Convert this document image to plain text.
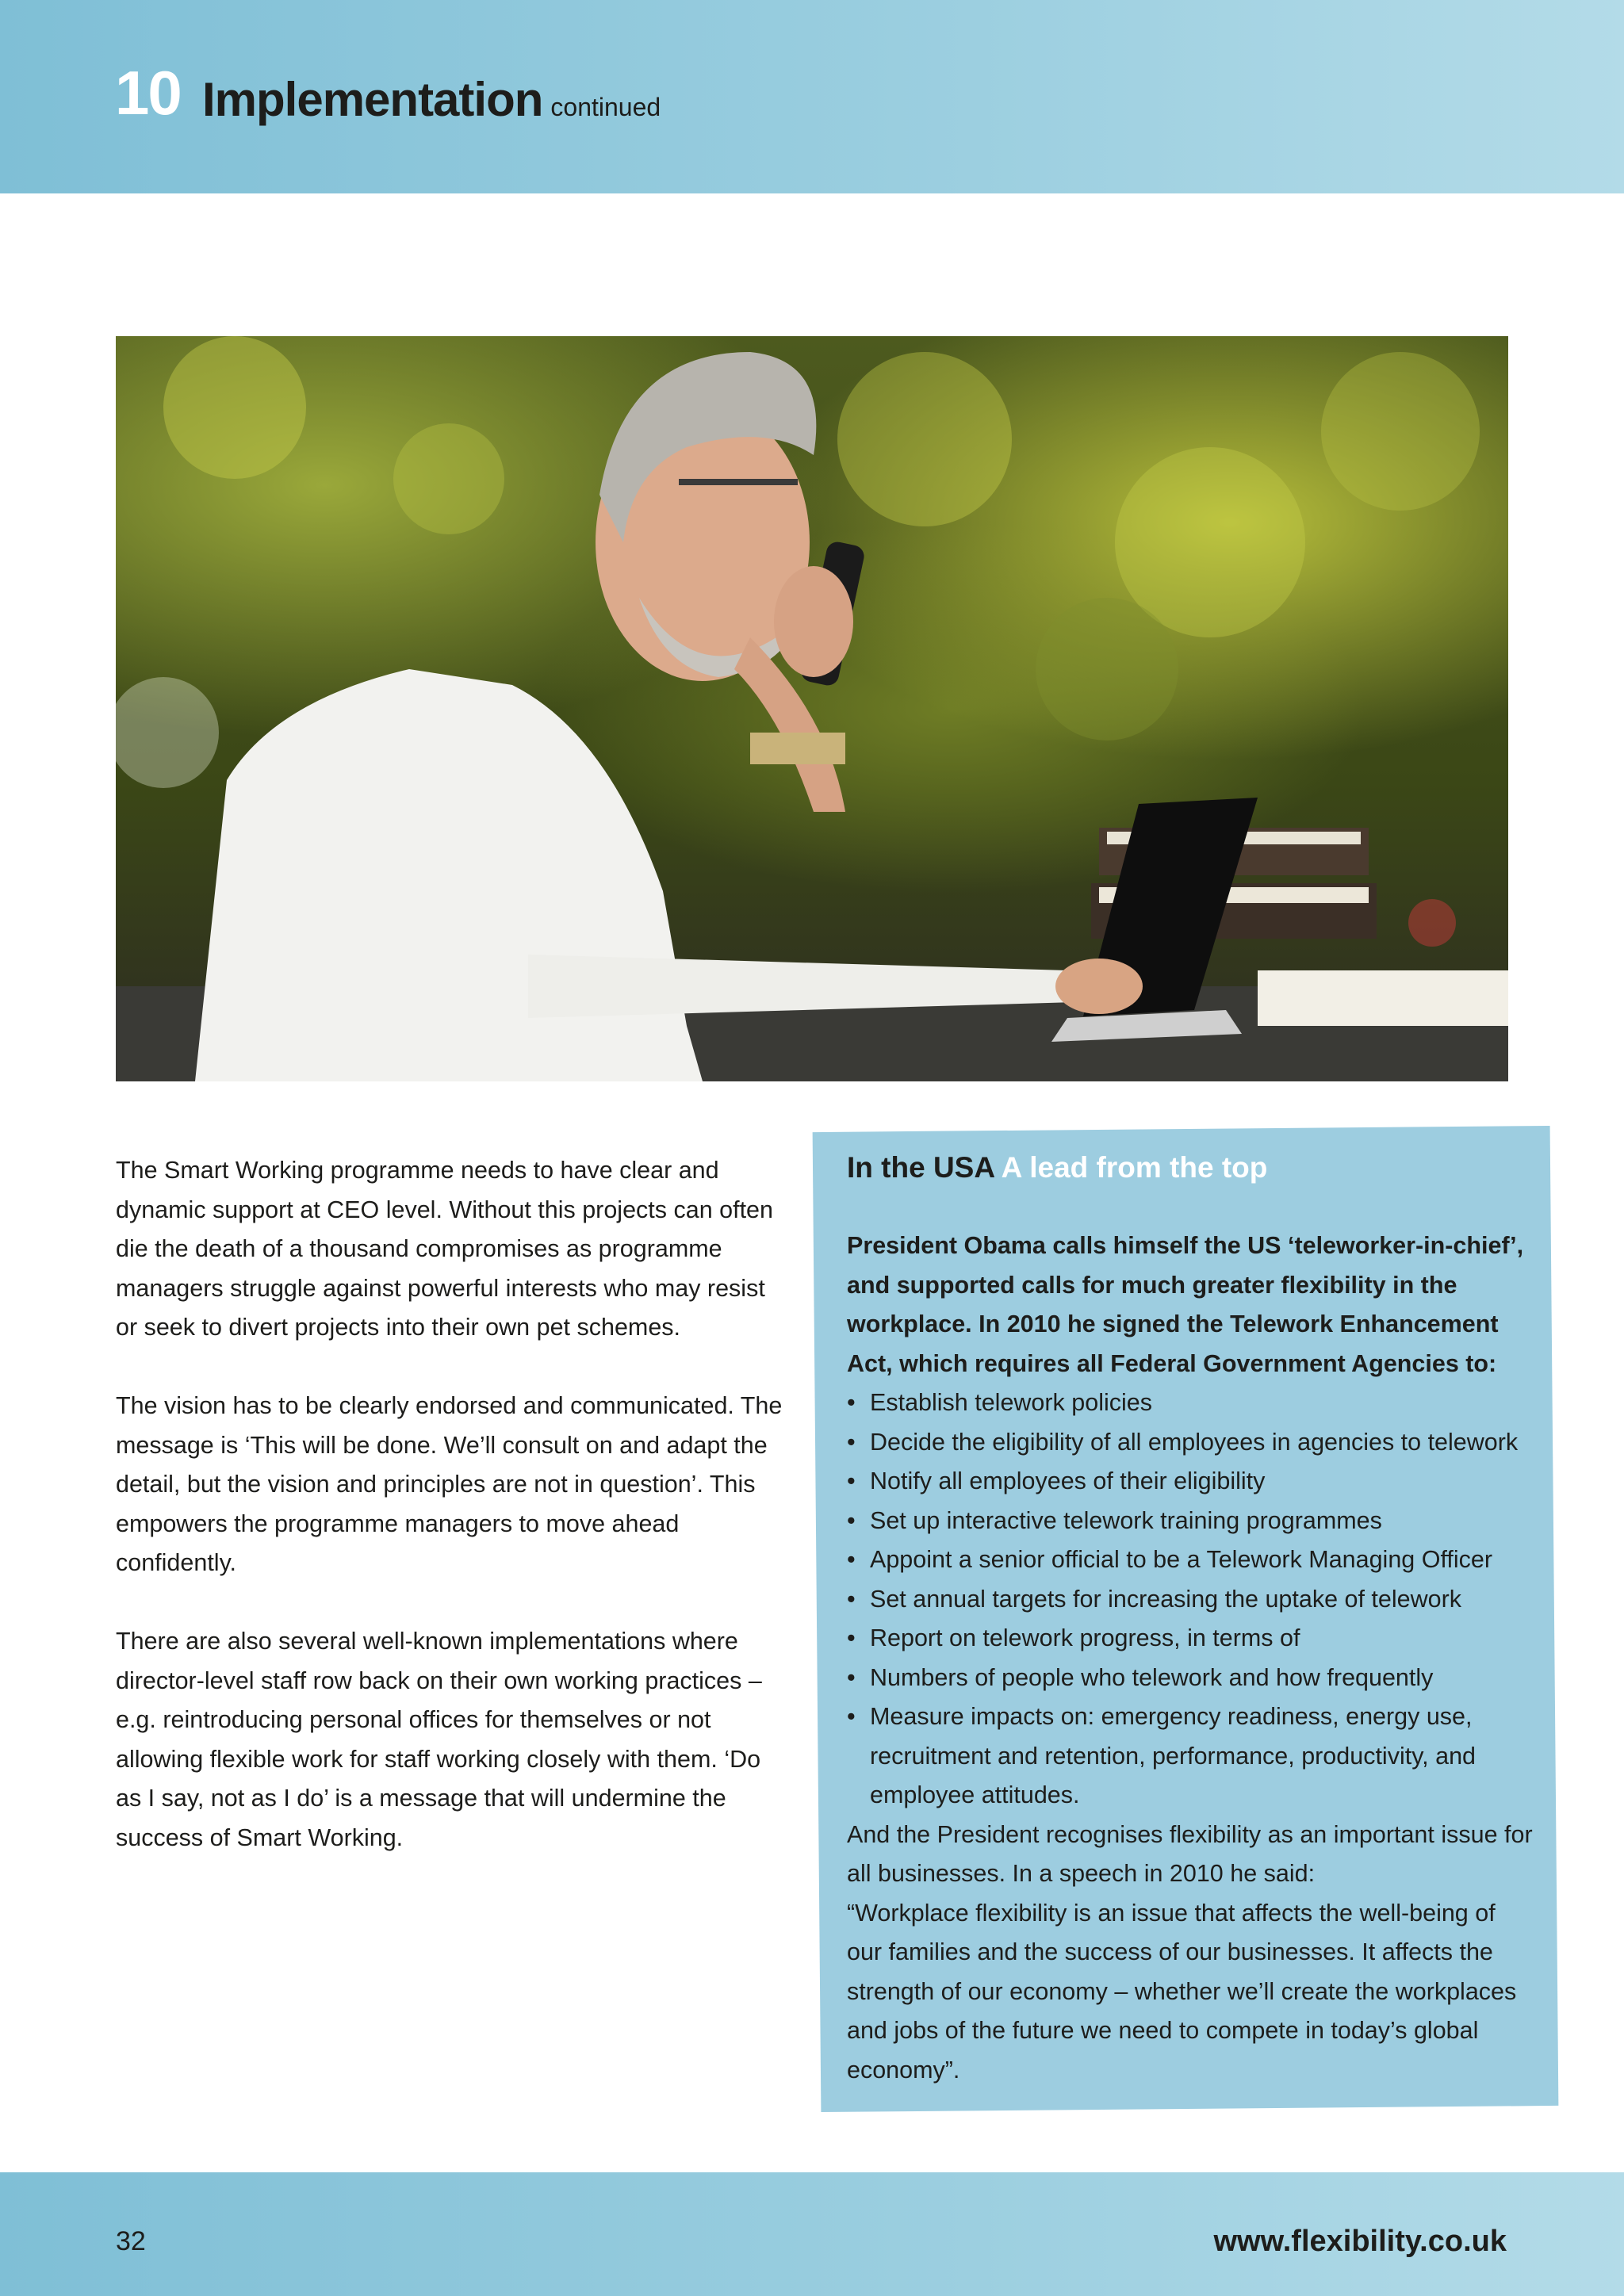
10 Implementation continued

The Smart Working programme needs to have clear and dynamic support at CEO level. Without this projects can often die the death of a thousand compromises as programme managers struggle against powerful interests who may resist or seek to divert projects into their own pet schemes.

The vision has to be clearly endorsed and communicated. The message is ‘This will be done. We’ll consult on and adapt the detail, but the vision and principles are not in question’. This empowers the programme managers to move ahead confidently.

There are also several well-known implementations where director-level staff row back on their own working practices – e.g. reintroducing personal offices for themselves or not allowing flexible work for staff working closely with them. ‘Do as I say, not as I do’ is a message that will undermine the success of Smart Working.

In the USA A lead from the top

President Obama calls himself the US ‘teleworker-in-chief’, and supported calls for much greater flexibility in the workplace. In 2010 he signed the Telework Enhancement Act, which requires all Federal Government Agencies to:

• Establish telework policies
• Decide the eligibility of all employees in agencies to telework
• Notify all employees of their eligibility
• Set up interactive telework training programmes
• Appoint a senior official to be a Telework Managing Officer
• Set annual targets for increasing the uptake of telework
• Report on telework progress, in terms of
• Numbers of people who telework and how frequently
• Measure impacts on: emergency readiness, energy use, recruitment and retention, performance, productivity, and employee attitudes.

And the President recognises flexibility as an important issue for all businesses. In a speech in 2010 he said:

“Workplace flexibility is an issue that affects the well-being of our families and the success of our businesses. It affects the strength of our economy – whether we’ll create the workplaces and jobs of the future we need to compete in today’s global economy”.

32	www.flexibility.co.uk
